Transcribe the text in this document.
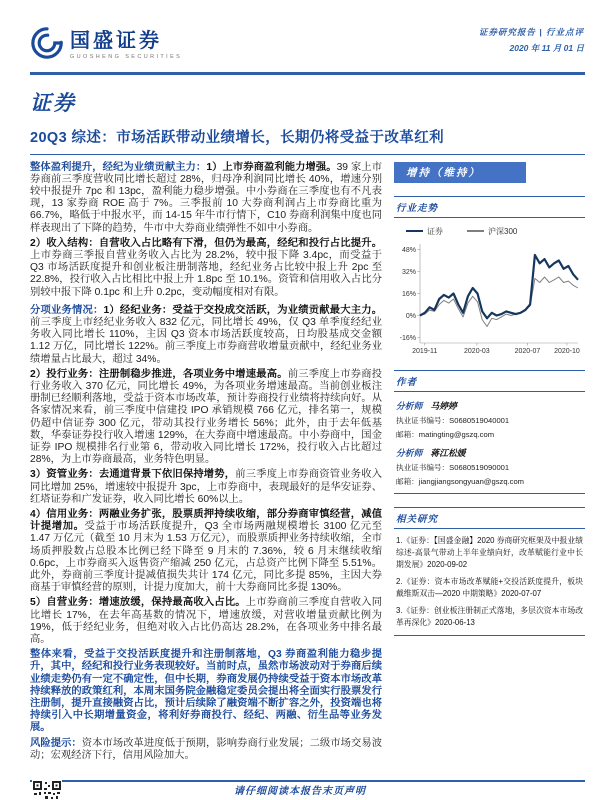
国盛证券
GUOSHENG SECURITIES
证券研究报告 | 行业点评
2020 年 11 月 01 日
证券
20Q3 综述：市场活跃带动业绩增长，长期仍将受益于改革红利

整体盈利提升，经纪为业绩贡献主力：1）上市券商盈利能力增强。39 家上市券商前三季度营收同比增长超过 28%，归母净利润同比增长 40%，增速分别较中报提升 7pc 和 13pc，盈利能力稳步增强。中小券商在三季度也有不凡表现，13 家券商 ROE 高于 7%。三季报前 10 大券商利润占上市券商比重为 66.7%，略低于中报水平，而 14-15 年牛市行情下，C10 券商利润集中度也同样表现出了下降的趋势，牛市中大券商业绩弹性不如中小券商。

2）收入结构：自营收入占比略有下滑，但仍为最高，经纪和投行占比提升。上市券商三季报自营业务收入占比为 28.2%，较中报下降 3.4pc，而受益于 Q3 市场活跃度提升和创业板注册制落地，经纪业务占比较中报上升 2pc 至 22.8%，投行收入占比相比中报上升 1.8pc 至 10.1%。资管和信用收入占比分别较中报下降 0.1pc 和上升 0.2pc，变动幅度相对有限。

分项业务情况：1）经纪业务：受益于交投成交活跃，为业绩贡献最大主力。前三季度上市经纪业务收入 832 亿元，同比增长 49%，仅 Q3 单季度经纪业务收入同比增长 110%，主因 Q3 资本市场活跃度较高，日均股基成交金额 1.12 万亿，同比增长 122%。前三季度上市券商营收增量贡献中，经纪业务业绩增量占比最大，超过 34%。

2）投行业务：注册制稳步推进，各项业务中增速最高。前三季度上市券商投行业务收入 370 亿元，同比增长 49%，为各项业务增速最高。当前创业板注册制已经顺利落地，受益于资本市场改革，预计券商投行业绩将持续向好。从各家情况来看，前三季度中信建投 IPO 承销规模 766 亿元，排名第一，规模仍超中信证券 300 亿元，带动其投行业务增长 56%；此外，由于去年低基数，华泰证券投行收入增速 129%，在大券商中增速最高。中小券商中，国金证券 IPO 规模排名行业第 6，带动收入同比增长 172%，投行收入占比超过 28%，为上市券商最高，业务特色明显。

3）资管业务：去通道背景下依旧保持增势，前三季度上市券商资管业务收入同比增加 25%，增速较中报提升 3pc，上市券商中，表现最好的是华安证券、红塔证券和广发证券，收入同比增长 60%以上。

4）信用业务：两融业务扩张，股票质押持续收缩，部分券商审慎经营，减值计提增加。受益于市场活跃度提升，Q3 全市场两融规模增长 3100 亿元至 1.47 万亿元（截至 10 月末为 1.53 万亿元），而股票质押业务持续收缩，全市场质押股数占总股本比例已经下降至 9 月末的 7.36%，较 6 月末继续收缩 0.6pc，上市券商买入返售资产缩减 250 亿元，占总资产比例下降至 5.51%。此外，券商前三季度计提减值损失共计 174 亿元，同比多提 85%，主因大券商基于审慎经营的原则，计提力度加大，前十大券商同比多提 130%。

5）自营业务：增速放缓，保持最高收入占比。上市券商前三季度自营收入同比增长 17%，在去年高基数的情况下，增速放缓，对营收增量贡献比例为 19%，低于经纪业务，但绝对收入占比仍高达 28.2%，在各项业务中排名最高。

整体来看，受益于交投活跃度提升和注册制落地，Q3 券商盈利能力稳步提升，其中，经纪和投行业务表现较好。当前时点，虽然市场波动对于券商后续业绩走势仍有一定不确定性，但中长期，券商发展仍持续受益于资本市场改革持续释放的政策红利，本周末国务院金融稳定委员会提出将全面实行股票发行注册制，提升直接融资占比，预计后续除了融资端不断扩容之外，投资端也将持续引入中长期增量资金，将利好券商投行、经纪、两融、衍生品等业务发展。

风险提示：资本市场改革进度低于预期，影响券商行业发展；二级市场交易波动；宏观经济下行，信用风险加大。

增持（维持）
行业走势
证券	沪深300
48%
32%
16%
0%
-16%
2019-11	2020-03	2020-07 2020-10
作者
分析师 马婷婷
执业证书编号：S0680519040001
邮箱：matingting@gszq.com
分析师 蒋江松媛
执业证书编号：S0680519090001
邮箱：jiangjiangsongyuan@gszq.com
相关研究
1.《证券：【国盛金融】2020 券商研究框架及中报业绩综述-高景气带动上半年业绩向好，改革赋能行业中长期发展》2020-09-02
2.《证券：资本市场改革赋能+交投活跃度提升，板块戴维斯双击—2020 中期策略》2020-07-07
3.《证券：创业板注册制正式落地，多层次资本市场改革再深化》2020-06-13
请仔细阅读本报告末页声明
